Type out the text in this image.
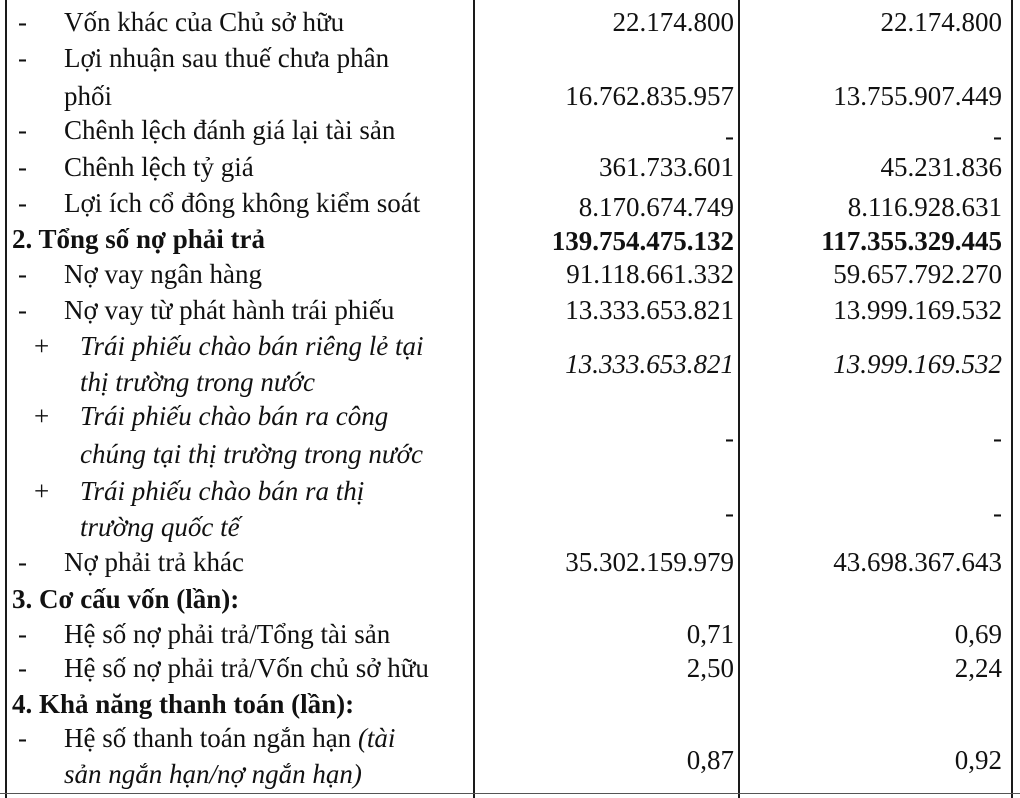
- Vốn khác của Chủ sở hữu	22.174.800	22.174.800
- Lợi nhuận sau thuế chưa phân
phối	16.762.835.957	13.755.907.449
- Chênh lệch đánh giá lại tài sản	-	-
- Chênh lệch tỷ giá	361.733.601	45.231.836
- Lợi ích cổ đông không kiểm soát	8.170.674.749	8.116.928.631
2. Tổng số nợ phải trả	139.754.475.132	117.355.329.445
- Nợ vay ngân hàng	91.118.661.332	59.657.792.270
- Nợ vay từ phát hành trái phiếu	13.333.653.821	13.999.169.532
+ Trái phiếu chào bán riêng lẻ tại
thị trường trong nước
13.333.653.821	13.999.169.532
+ Trái phiếu chào bán ra công
chúng tại thị trường trong nước
-	-
+ Trái phiếu chào bán ra thị
trường quốc tế	-	-
- Nợ phải trả khác	35.302.159.979	43.698.367.643
3. Cơ cấu vốn (lần):
- Hệ số nợ phải trả/Tổng tài sản	0,71	0,69
- Hệ số nợ phải trả/Vốn chủ sở hữu	2,50	2,24
4. Khả năng thanh toán (lần):
- Hệ số thanh toán ngắn hạn (tài
sản ngắn hạn/nợ ngắn hạn)	0,87	0,92
